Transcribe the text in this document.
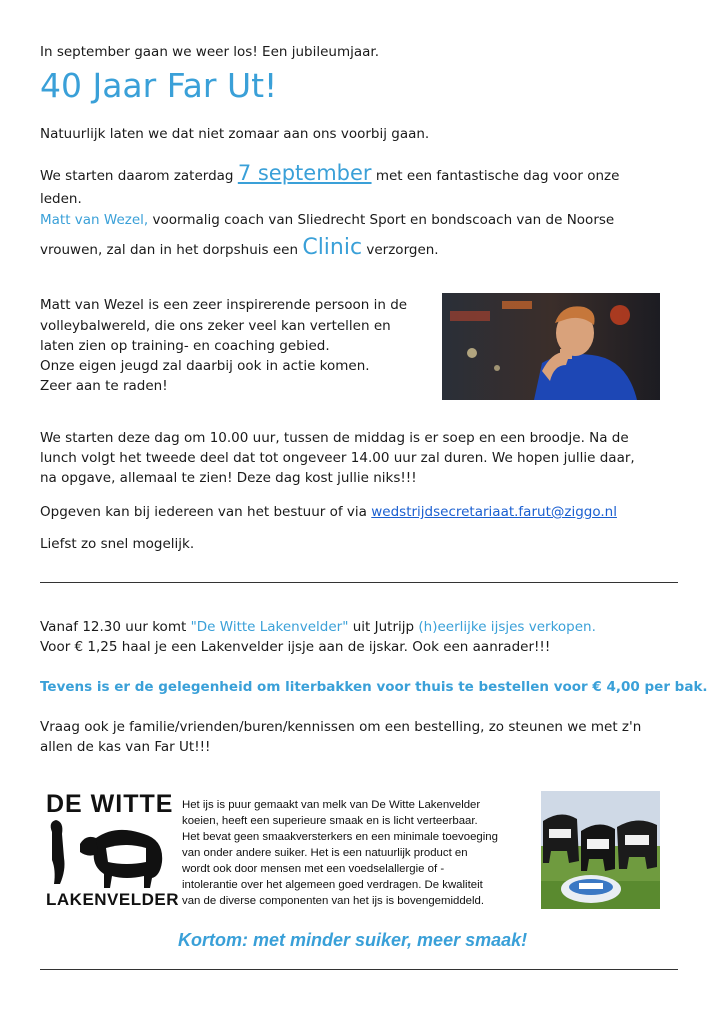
In september gaan we weer los! Een jubileumjaar.
40 Jaar Far Ut!
Natuurlijk laten we dat niet zomaar aan ons voorbij gaan.
We starten daarom zaterdag 7 september met een fantastische dag voor onze
leden.
Matt van Wezel, voormalig coach van Sliedrecht Sport en bondscoach van de Noorse
vrouwen, zal dan in het dorpshuis een Clinic verzorgen.
Matt van Wezel is een zeer inspirerende persoon in de
volleybalwereld, die ons zeker veel kan vertellen en
laten zien op training- en coaching gebied.
Onze eigen jeugd zal daarbij ook in actie komen.
Zeer aan te raden!
We starten deze dag om 10.00 uur, tussen de middag is er soep en een broodje. Na de
lunch volgt het tweede deel dat tot ongeveer 14.00 uur zal duren. We hopen jullie daar,
na opgave, allemaal te zien! Deze dag kost jullie niks!!!
Opgeven kan bij iedereen van het bestuur of via wedstrijdsecretariaat.farut@ziggo.nl
Liefst zo snel mogelijk.
Vanaf 12.30 uur komt "De Witte Lakenvelder" uit Jutrijp (h)eerlijke ijsjes verkopen.
Voor € 1,25 haal je een Lakenvelder ijsje aan de ijskar. Ook een aanrader!!!
Tevens is er de gelegenheid om literbakken voor thuis te bestellen voor € 4,00 per bak.
Vraag ook je familie/vrienden/buren/kennissen om een bestelling, zo steunen we met z'n
allen de kas van Far Ut!!!
DE WITTE
LAKENVELDER
Het ijs is puur gemaakt van melk van De Witte Lakenvelder
koeien, heeft een superieure smaak en is licht verteerbaar.
Het bevat geen smaakversterkers en een minimale toevoeging
van onder andere suiker. Het is een natuurlijk product en
wordt ook door mensen met een voedselallergie of -
intolerantie over het algemeen goed verdragen. De kwaliteit
van de diverse componenten van het ijs is bovengemiddeld.
Kortom: met minder suiker, meer smaak!
